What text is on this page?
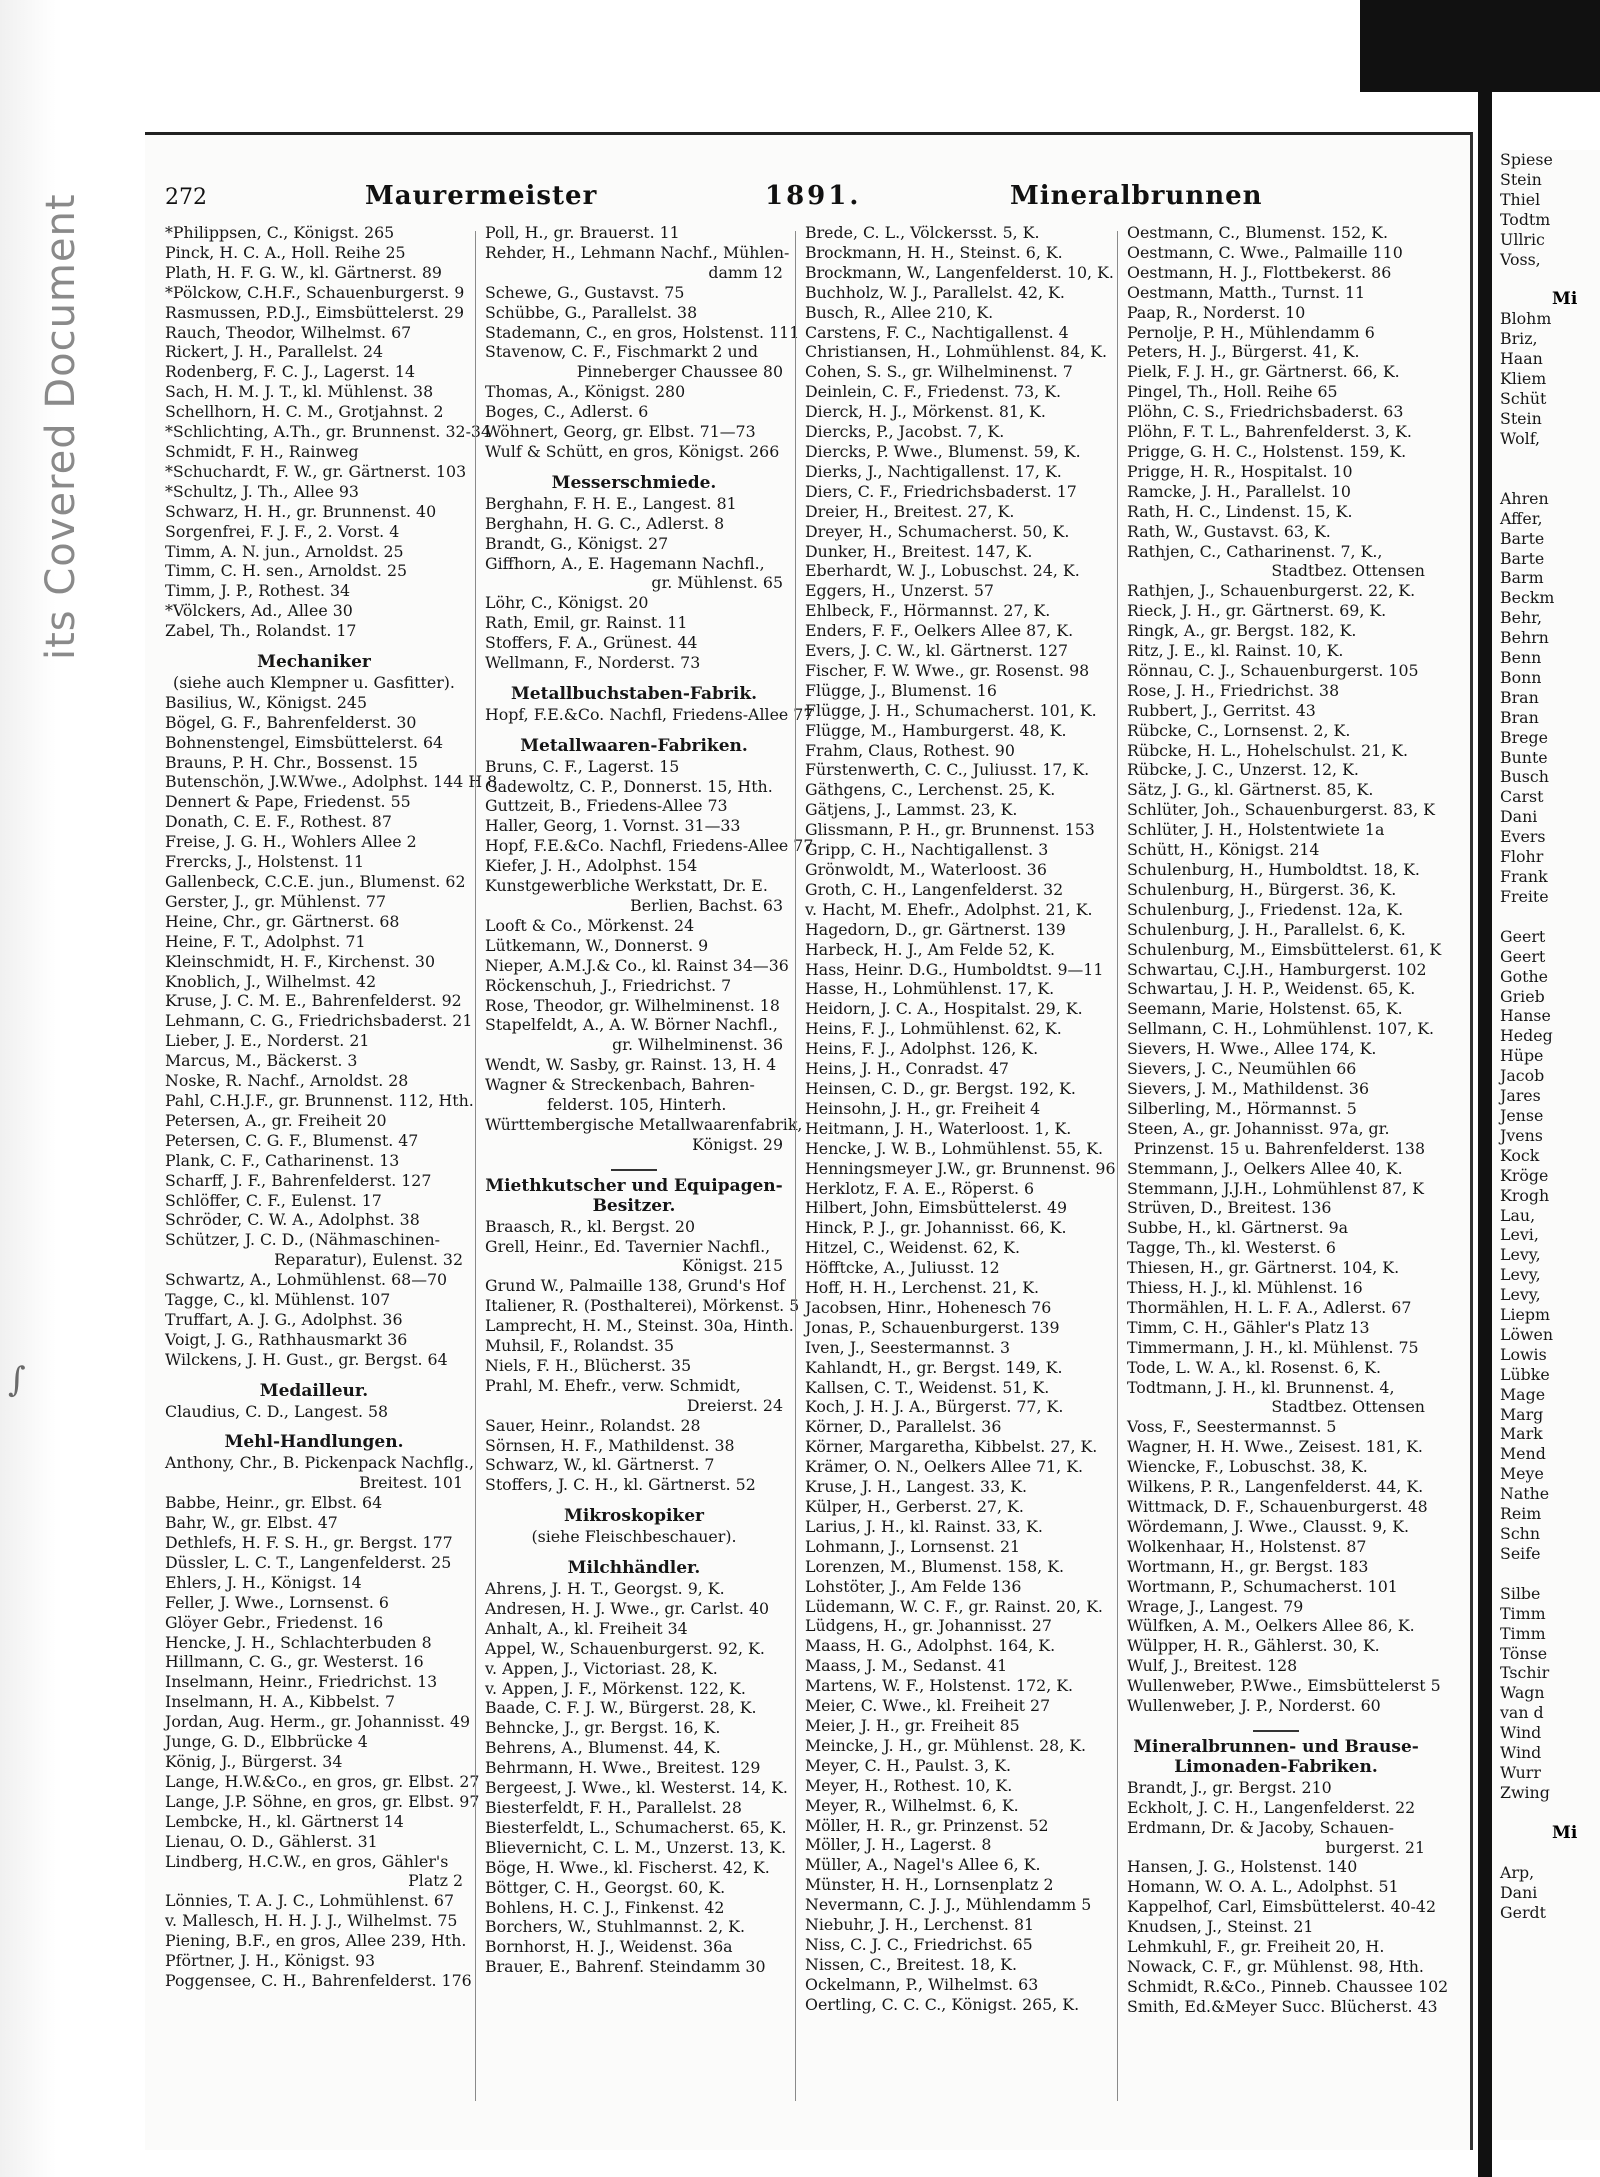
its Covered Document
∫
272	Maurermeister	1891.	Mineralbrunnen
*Philippsen, C., Königst. 265
Pinck, H. C. A., Holl. Reihe 25
Plath, H. F. G. W., kl. Gärtnerst. 89
*Pölckow, C.H.F., Schauenburgerst. 9
Rasmussen, P.D.J., Eimsbüttelerst. 29
Rauch, Theodor, Wilhelmst. 67
Rickert, J. H., Parallelst. 24
Rodenberg, F. C. J., Lagerst. 14
Sach, H. M. J. T., kl. Mühlenst. 38
Schellhorn, H. C. M., Grotjahnst. 2
*Schlichting, A.Th., gr. Brunnenst. 32-34
Schmidt, F. H., Rainweg
*Schuchardt, F. W., gr. Gärtnerst. 103
*Schultz, J. Th., Allee 93
Schwarz, H. H., gr. Brunnenst. 40
Sorgenfrei, F. J. F., 2. Vorst. 4
Timm, A. N. jun., Arnoldst. 25
Timm, C. H. sen., Arnoldst. 25
Timm, J. P., Rothest. 34
*Völckers, Ad., Allee 30
Zabel, Th., Rolandst. 17
Mechaniker
(siehe auch Klempner u. Gasfitter).
Basilius, W., Königst. 245
Bögel, G. F., Bahrenfelderst. 30
Bohnenstengel, Eimsbüttelerst. 64
Brauns, P. H. Chr., Bossenst. 15
Butenschön, J.W.Wwe., Adolphst. 144 H 8
Dennert & Pape, Friedenst. 55
Donath, C. E. F., Rothest. 87
Freise, J. G. H., Wohlers Allee 2
Frercks, J., Holstenst. 11
Gallenbeck, C.C.E. jun., Blumenst. 62
Gerster, J., gr. Mühlenst. 77
Heine, Chr., gr. Gärtnerst. 68
Heine, F. T., Adolphst. 71
Kleinschmidt, H. F., Kirchenst. 30
Knoblich, J., Wilhelmst. 42
Kruse, J. C. M. E., Bahrenfelderst. 92
Lehmann, C. G., Friedrichsbaderst. 21
Lieber, J. E., Norderst. 21
Marcus, M., Bäckerst. 3
Noske, R. Nachf., Arnoldst. 28
Pahl, C.H.J.F., gr. Brunnenst. 112, Hth.
Petersen, A., gr. Freiheit 20
Petersen, C. G. F., Blumenst. 47
Plank, C. F., Catharinenst. 13
Scharff, J. F., Bahrenfelderst. 127
Schlöffer, C. F., Eulenst. 17
Schröder, C. W. A., Adolphst. 38
Schützer, J. C. D., (Nähmaschinen-
Reparatur), Eulenst. 32
Schwartz, A., Lohmühlenst. 68—70
Tagge, C., kl. Mühlenst. 107
Truffart, A. J. G., Adolphst. 36
Voigt, J. G., Rathhausmarkt 36
Wilckens, J. H. Gust., gr. Bergst. 64
Medailleur.
Claudius, C. D., Langest. 58
Mehl-Handlungen.
Anthony, Chr., B. Pickenpack Nachflg.,
Breitest. 101
Babbe, Heinr., gr. Elbst. 64
Bahr, W., gr. Elbst. 47
Dethlefs, H. F. S. H., gr. Bergst. 177
Düssler, L. C. T., Langenfelderst. 25
Ehlers, J. H., Königst. 14
Feller, J. Wwe., Lornsenst. 6
Glöyer Gebr., Friedenst. 16
Hencke, J. H., Schlachterbuden 8
Hillmann, C. G., gr. Westerst. 16
Inselmann, Heinr., Friedrichst. 13
Inselmann, H. A., Kibbelst. 7
Jordan, Aug. Herm., gr. Johannisst. 49
Junge, G. D., Elbbrücke 4
König, J., Bürgerst. 34
Lange, H.W.&Co., en gros, gr. Elbst. 27
Lange, J.P. Söhne, en gros, gr. Elbst. 97
Lembcke, H., kl. Gärtnerst 14
Lienau, O. D., Gählerst. 31
Lindberg, H.C.W., en gros, Gähler's
Platz 2
Lönnies, T. A. J. C., Lohmühlenst. 67
v. Mallesch, H. H. J. J., Wilhelmst. 75
Piening, B.F., en gros, Allee 239, Hth.
Pförtner, J. H., Königst. 93
Poggensee, C. H., Bahrenfelderst. 176
Poll, H., gr. Brauerst. 11
Rehder, H., Lehmann Nachf., Mühlen-
damm 12
Schewe, G., Gustavst. 75
Schübbe, G., Parallelst. 38
Stademann, C., en gros, Holstenst. 111
Stavenow, C. F., Fischmarkt 2 und
Pinneberger Chaussee 80
Thomas, A., Königst. 280
Boges, C., Adlerst. 6
Wöhnert, Georg, gr. Elbst. 71—73
Wulf & Schütt, en gros, Königst. 266
Messerschmiede.
Berghahn, F. H. E., Langest. 81
Berghahn, H. G. C., Adlerst. 8
Brandt, G., Königst. 27
Giffhorn, A., E. Hagemann Nachfl.,
gr. Mühlenst. 65
Löhr, C., Königst. 20
Rath, Emil, gr. Rainst. 11
Stoffers, F. A., Grünest. 44
Wellmann, F., Norderst. 73
Metallbuchstaben-Fabrik.
Hopf, F.E.&Co. Nachfl, Friedens-Allee 77
Metallwaaren-Fabriken.
Bruns, C. F., Lagerst. 15
Gadewoltz, C. P., Donnerst. 15, Hth.
Guttzeit, B., Friedens-Allee 73
Haller, Georg, 1. Vornst. 31—33
Hopf, F.E.&Co. Nachfl, Friedens-Allee 77
Kiefer, J. H., Adolphst. 154
Kunstgewerbliche Werkstatt, Dr. E.
Berlien, Bachst. 63
Looft & Co., Mörkenst. 24
Lütkemann, W., Donnerst. 9
Nieper, A.M.J.& Co., kl. Rainst 34—36
Röckenschuh, J., Friedrichst. 7
Rose, Theodor, gr. Wilhelminenst. 18
Stapelfeldt, A., A. W. Börner Nachfl.,
gr. Wilhelminenst. 36
Wendt, W. Sasby, gr. Rainst. 13, H. 4
Wagner & Streckenbach, Bahren-
felderst. 105, Hinterh.
Württembergische Metallwaarenfabrik,
Königst. 29
Miethkutscher und Equipagen-
Besitzer.
Braasch, R., kl. Bergst. 20
Grell, Heinr., Ed. Tavernier Nachfl.,
Königst. 215
Grund W., Palmaille 138, Grund's Hof
Italiener, R. (Posthalterei), Mörkenst. 5
Lamprecht, H. M., Steinst. 30a, Hinth.
Muhsil, F., Rolandst. 35
Niels, F. H., Blücherst. 35
Prahl, M. Ehefr., verw. Schmidt,
Dreierst. 24
Sauer, Heinr., Rolandst. 28
Sörnsen, H. F., Mathildenst. 38
Schwarz, W., kl. Gärtnerst. 7
Stoffers, J. C. H., kl. Gärtnerst. 52
Mikroskopiker
(siehe Fleischbeschauer).
Milchhändler.
Ahrens, J. H. T., Georgst. 9, K.
Andresen, H. J. Wwe., gr. Carlst. 40
Anhalt, A., kl. Freiheit 34
Appel, W., Schauenburgerst. 92, K.
v. Appen, J., Victoriast. 28, K.
v. Appen, J. F., Mörkenst. 122, K.
Baade, C. F. J. W., Bürgerst. 28, K.
Behncke, J., gr. Bergst. 16, K.
Behrens, A., Blumenst. 44, K.
Behrmann, H. Wwe., Breitest. 129
Bergeest, J. Wwe., kl. Westerst. 14, K.
Biesterfeldt, F. H., Parallelst. 28
Biesterfeldt, L., Schumacherst. 65, K.
Blievernicht, C. L. M., Unzerst. 13, K.
Böge, H. Wwe., kl. Fischerst. 42, K.
Böttger, C. H., Georgst. 60, K.
Bohlens, H. C. J., Finkenst. 42
Borchers, W., Stuhlmannst. 2, K.
Bornhorst, H. J., Weidenst. 36a
Brauer, E., Bahrenf. Steindamm 30
Brede, C. L., Völckersst. 5, K.
Brockmann, H. H., Steinst. 6, K.
Brockmann, W., Langenfelderst. 10, K.
Buchholz, W. J., Parallelst. 42, K.
Busch, R., Allee 210, K.
Carstens, F. C., Nachtigallenst. 4
Christiansen, H., Lohmühlenst. 84, K.
Cohen, S. S., gr. Wilhelminenst. 7
Deinlein, C. F., Friedenst. 73, K.
Dierck, H. J., Mörkenst. 81, K.
Diercks, P., Jacobst. 7, K.
Diercks, P. Wwe., Blumenst. 59, K.
Dierks, J., Nachtigallenst. 17, K.
Diers, C. F., Friedrichsbaderst. 17
Dreier, H., Breitest. 27, K.
Dreyer, H., Schumacherst. 50, K.
Dunker, H., Breitest. 147, K.
Eberhardt, W. J., Lobuschst. 24, K.
Eggers, H., Unzerst. 57
Ehlbeck, F., Hörmannst. 27, K.
Enders, F. F., Oelkers Allee 87, K.
Evers, J. C. W., kl. Gärtnerst. 127
Fischer, F. W. Wwe., gr. Rosenst. 98
Flügge, J., Blumenst. 16
Flügge, J. H., Schumacherst. 101, K.
Flügge, M., Hamburgerst. 48, K.
Frahm, Claus, Rothest. 90
Fürstenwerth, C. C., Juliusst. 17, K.
Gäthgens, C., Lerchenst. 25, K.
Gätjens, J., Lammst. 23, K.
Glissmann, P. H., gr. Brunnenst. 153
Gripp, C. H., Nachtigallenst. 3
Grönwoldt, M., Waterloost. 36
Groth, C. H., Langenfelderst. 32
v. Hacht, M. Ehefr., Adolphst. 21, K.
Hagedorn, D., gr. Gärtnerst. 139
Harbeck, H. J., Am Felde 52, K.
Hass, Heinr. D.G., Humboldtst. 9—11
Hasse, H., Lohmühlenst. 17, K.
Heidorn, J. C. A., Hospitalst. 29, K.
Heins, F. J., Lohmühlenst. 62, K.
Heins, F. J., Adolphst. 126, K.
Heins, J. H., Conradst. 47
Heinsen, C. D., gr. Bergst. 192, K.
Heinsohn, J. H., gr. Freiheit 4
Heitmann, J. H., Waterloost. 1, K.
Hencke, J. W. B., Lohmühlenst. 55, K.
Henningsmeyer J.W., gr. Brunnenst. 96
Herklotz, F. A. E., Röperst. 6
Hilbert, John, Eimsbüttelerst. 49
Hinck, P. J., gr. Johannisst. 66, K.
Hitzel, C., Weidenst. 62, K.
Höfftcke, A., Juliusst. 12
Hoff, H. H., Lerchenst. 21, K.
Jacobsen, Hinr., Hohenesch 76
Jonas, P., Schauenburgerst. 139
Iven, J., Seestermannst. 3
Kahlandt, H., gr. Bergst. 149, K.
Kallsen, C. T., Weidenst. 51, K.
Koch, J. H. J. A., Bürgerst. 77, K.
Körner, D., Parallelst. 36
Körner, Margaretha, Kibbelst. 27, K.
Krämer, O. N., Oelkers Allee 71, K.
Kruse, J. H., Langest. 33, K.
Külper, H., Gerberst. 27, K.
Larius, J. H., kl. Rainst. 33, K.
Lohmann, J., Lornsenst. 21
Lorenzen, M., Blumenst. 158, K.
Lohstöter, J., Am Felde 136
Lüdemann, W. C. F., gr. Rainst. 20, K.
Lüdgens, H., gr. Johannisst. 27
Maass, H. G., Adolphst. 164, K.
Maass, J. M., Sedanst. 41
Martens, W. F., Holstenst. 172, K.
Meier, C. Wwe., kl. Freiheit 27
Meier, J. H., gr. Freiheit 85
Meincke, J. H., gr. Mühlenst. 28, K.
Meyer, C. H., Paulst. 3, K.
Meyer, H., Rothest. 10, K.
Meyer, R., Wilhelmst. 6, K.
Möller, H. R., gr. Prinzenst. 52
Möller, J. H., Lagerst. 8
Müller, A., Nagel's Allee 6, K.
Münster, H. H., Lornsenplatz 2
Nevermann, C. J. J., Mühlendamm 5
Niebuhr, J. H., Lerchenst. 81
Niss, C. J. C., Friedrichst. 65
Nissen, C., Breitest. 18, K.
Ockelmann, P., Wilhelmst. 63
Oertling, C. C. C., Königst. 265, K.
Oestmann, C., Blumenst. 152, K.
Oestmann, C. Wwe., Palmaille 110
Oestmann, H. J., Flottbekerst. 86
Oestmann, Matth., Turnst. 11
Paap, R., Norderst. 10
Pernolje, P. H., Mühlendamm 6
Peters, H. J., Bürgerst. 41, K.
Pielk, F. J. H., gr. Gärtnerst. 66, K.
Pingel, Th., Holl. Reihe 65
Plöhn, C. S., Friedrichsbaderst. 63
Plöhn, F. T. L., Bahrenfelderst. 3, K.
Prigge, G. H. C., Holstenst. 159, K.
Prigge, H. R., Hospitalst. 10
Ramcke, J. H., Parallelst. 10
Rath, H. C., Lindenst. 15, K.
Rath, W., Gustavst. 63, K.
Rathjen, C., Catharinenst. 7, K.,
Stadtbez. Ottensen
Rathjen, J., Schauenburgerst. 22, K.
Rieck, J. H., gr. Gärtnerst. 69, K.
Ringk, A., gr. Bergst. 182, K.
Ritz, J. E., kl. Rainst. 10, K.
Rönnau, C. J., Schauenburgerst. 105
Rose, J. H., Friedrichst. 38
Rubbert, J., Gerritst. 43
Rübcke, C., Lornsenst. 2, K.
Rübcke, H. L., Hohelschulst. 21, K.
Rübcke, J. C., Unzerst. 12, K.
Sätz, J. G., kl. Gärtnerst. 85, K.
Schlüter, Joh., Schauenburgerst. 83, K
Schlüter, J. H., Holstentwiete 1a
Schütt, H., Königst. 214
Schulenburg, H., Humboldtst. 18, K.
Schulenburg, H., Bürgerst. 36, K.
Schulenburg, J., Friedenst. 12a, K.
Schulenburg, J. H., Parallelst. 6, K.
Schulenburg, M., Eimsbüttelerst. 61, K
Schwartau, C.J.H., Hamburgerst. 102
Schwartau, J. H. P., Weidenst. 65, K.
Seemann, Marie, Holstenst. 65, K.
Sellmann, C. H., Lohmühlenst. 107, K.
Sievers, H. Wwe., Allee 174, K.
Sievers, J. C., Neumühlen 66
Sievers, J. M., Mathildenst. 36
Silberling, M., Hörmannst. 5
Steen, A., gr. Johannisst. 97a, gr.
Prinzenst. 15 u. Bahrenfelderst. 138
Stemmann, J., Oelkers Allee 40, K.
Stemmann, J.J.H., Lohmühlenst 87, K
Strüven, D., Breitest. 136
Subbe, H., kl. Gärtnerst. 9a
Tagge, Th., kl. Westerst. 6
Thiesen, H., gr. Gärtnerst. 104, K.
Thiess, H. J., kl. Mühlenst. 16
Thormählen, H. L. F. A., Adlerst. 67
Timm, C. H., Gähler's Platz 13
Timmermann, J. H., kl. Mühlenst. 75
Tode, L. W. A., kl. Rosenst. 6, K.
Todtmann, J. H., kl. Brunnenst. 4,
Stadtbez. Ottensen
Voss, F., Seestermannst. 5
Wagner, H. H. Wwe., Zeisest. 181, K.
Wiencke, F., Lobuschst. 38, K.
Wilkens, P. R., Langenfelderst. 44, K.
Wittmack, D. F., Schauenburgerst. 48
Wördemann, J. Wwe., Clausst. 9, K.
Wolkenhaar, H., Holstenst. 87
Wortmann, H., gr. Bergst. 183
Wortmann, P., Schumacherst. 101
Wrage, J., Langest. 79
Wülfken, A. M., Oelkers Allee 86, K.
Wülpper, H. R., Gählerst. 30, K.
Wulf, J., Breitest. 128
Wullenweber, P.Wwe., Eimsbüttelerst 5
Wullenweber, J. P., Norderst. 60
Mineralbrunnen- und Brause-
Limonaden-Fabriken.
Brandt, J., gr. Bergst. 210
Eckholt, J. C. H., Langenfelderst. 22
Erdmann, Dr. & Jacoby, Schauen-
burgerst. 21
Hansen, J. G., Holstenst. 140
Homann, W. O. A. L., Adolphst. 51
Kappelhof, Carl, Eimsbüttelerst. 40-42
Knudsen, J., Steinst. 21
Lehmkuhl, F., gr. Freiheit 20, H.
Nowack, C. F., gr. Mühlenst. 98, Hth.
Schmidt, R.&Co., Pinneb. Chaussee 102
Smith, Ed.&Meyer Succ. Blücherst. 43
Spiese
Stein
Thiel
Todtm
Ullric
Voss,
Mi
Blohm
Briz,
Haan
Kliem
Schüt
Stein
Wolf,
Ahren
Affer,
Barte
Barte
Barm
Beckm
Behr,
Behrn
Benn
Bonn
Bran
Bran
Brege
Bunte
Busch
Carst
Dani
Evers
Flohr
Frank
Freite
Geert
Geert
Gothe
Grieb
Hanse
Hedeg
Hüpe
Jacob
Jares
Jense
Jvens
Kock
Kröge
Krogh
Lau,
Levi,
Levy,
Levy,
Levy,
Liepm
Löwen
Lowis
Lübke
Mage
Marg
Mark
Mend
Meye
Nathe
Reim
Schn
Seife
Silbe
Timm
Timm
Tönse
Tschir
Wagn
van d
Wind
Wind
Wurr
Zwing
Mi
Arp,
Dani
Gerdt
